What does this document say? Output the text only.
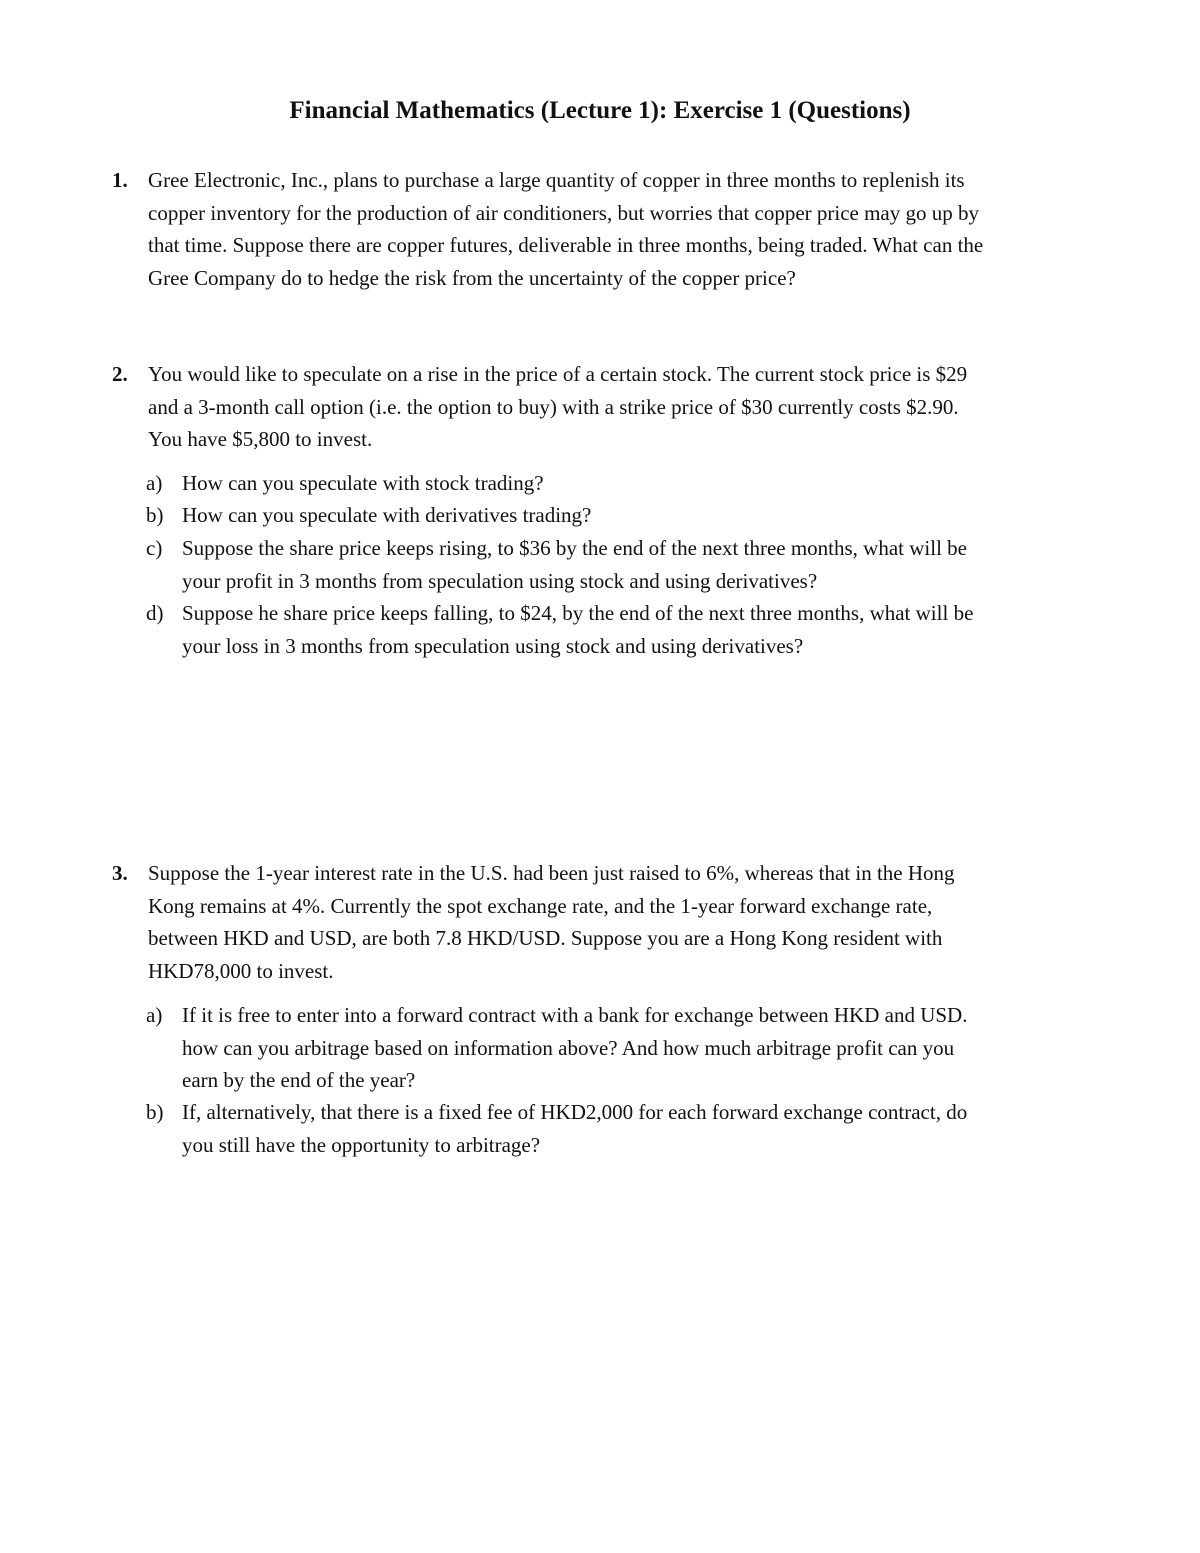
Financial Mathematics (Lecture 1): Exercise 1 (Questions)
1. Gree Electronic, Inc., plans to purchase a large quantity of copper in three months to replenish its
copper inventory for the production of air conditioners, but worries that copper price may go up by
that time. Suppose there are copper futures, deliverable in three months, being traded. What can the
Gree Company do to hedge the risk from the uncertainty of the copper price?
2. You would like to speculate on a rise in the price of a certain stock. The current stock price is $29
and a 3-month call option (i.e. the option to buy) with a strike price of $30 currently costs $2.90.
You have $5,800 to invest.
a) How can you speculate with stock trading?
b) How can you speculate with derivatives trading?
c) Suppose the share price keeps rising, to $36 by the end of the next three months, what will be
your profit in 3 months from speculation using stock and using derivatives?
d) Suppose he share price keeps falling, to $24, by the end of the next three months, what will be
your loss in 3 months from speculation using stock and using derivatives?
3. Suppose the 1-year interest rate in the U.S. had been just raised to 6%, whereas that in the Hong
Kong remains at 4%. Currently the spot exchange rate, and the 1-year forward exchange rate,
between HKD and USD, are both 7.8 HKD/USD. Suppose you are a Hong Kong resident with
HKD78,000 to invest.
a) If it is free to enter into a forward contract with a bank for exchange between HKD and USD.
how can you arbitrage based on information above? And how much arbitrage profit can you
earn by the end of the year?
b) If, alternatively, that there is a fixed fee of HKD2,000 for each forward exchange contract, do
you still have the opportunity to arbitrage?
